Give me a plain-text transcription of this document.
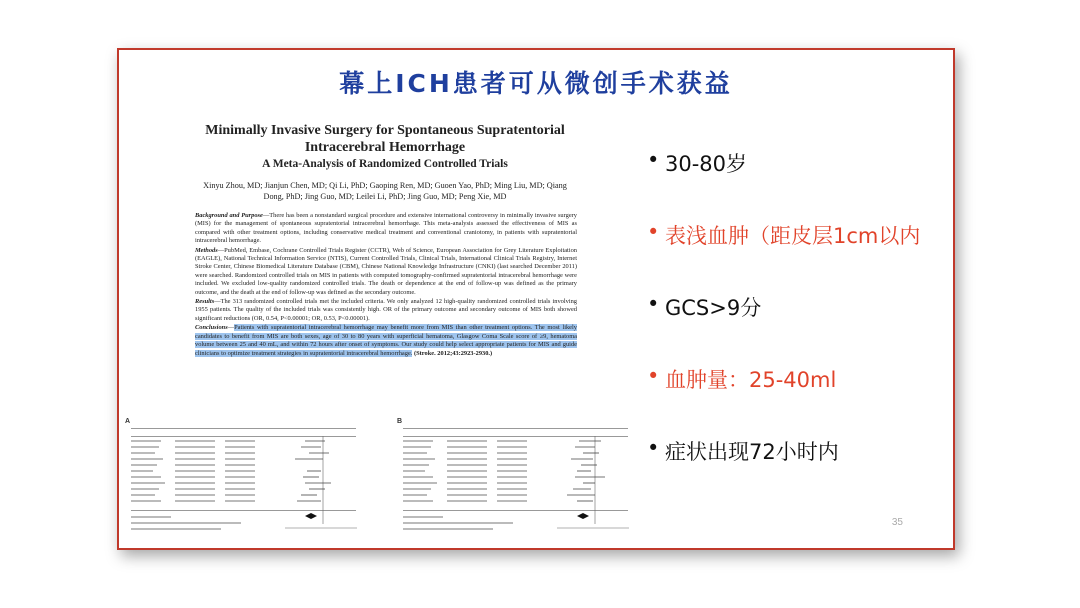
幕上ICH患者可从微创手术获益
Minimally Invasive Surgery for Spontaneous Supratentorial Intracerebral Hemorrhage
A Meta-Analysis of Randomized Controlled Trials
Xinyu Zhou, MD; Jianjun Chen, MD; Qi Li, PhD; Gaoping Ren, MD; Guoen Yao, PhD; Ming Liu, MD; Qiang Dong, PhD; Jing Guo, MD; Leilei Li, PhD; Jing Guo, MD; Peng Xie, MD

Background and Purpose—There has been a nonstandard surgical procedure and extensive international controversy in minimally invasive surgery (MIS) for the management of spontaneous supratentorial intracerebral hemorrhage. This meta-analysis assessed the effectiveness of MIS as compared with other treatment options, including conservative medical treatment and conventional craniotomy, in patients with supratentorial intracerebral hemorrhage.

Methods—PubMed, Embase, Cochrane Controlled Trials Register (CCTR), Web of Science, European Association for Grey Literature Exploitation (EAGLE), National Technical Information Service (NTIS), Current Controlled Trials, Clinical Trials, International Clinical Trials Registry, Internet Stroke Center, Chinese Biomedical Literature Database (CBM), Chinese National Knowledge Infrastructure (CNKI) (last searched December 2011) were searched. Randomized controlled trials on MIS in patients with computed tomography-confirmed supratentorial intracerebral hemorrhage were included. We excluded low-quality randomized controlled trials. The death or dependence at the end of follow-up was defined as the primary outcome, and the death at the end of follow-up was defined as the secondary outcome.

Results—The 313 randomized controlled trials met the included criteria. We only analyzed 12 high-quality randomized controlled trials involving 1955 patients. The quality of the included trials was consistently high. OR of the primary outcome and secondary outcome of MIS both showed significant reductions (OR, 0.54, P<0.00001; OR, 0.53, P<0.00001).

Conclusions—Patients with supratentorial intracerebral hemorrhage may benefit more from MIS than other treatment options. The most likely candidates to benefit from MIS are both sexes, age of 30 to 80 years with superficial hematoma, Glasgow Coma Scale score of ≥9, hematoma volume between 25 and 40 mL, and within 72 hours after onset of symptoms. Our study could help select appropriate patients for MIS and guide clinicians to optimize treatment strategies in supratentorial intracerebral hemorrhage. (Stroke. 2012;43:2923-2930.)

A	B
• 30-80岁
• 表浅血肿（距皮层1cm以内
• GCS>9分
• 血肿量：25-40ml
• 症状出现72小时内
35
